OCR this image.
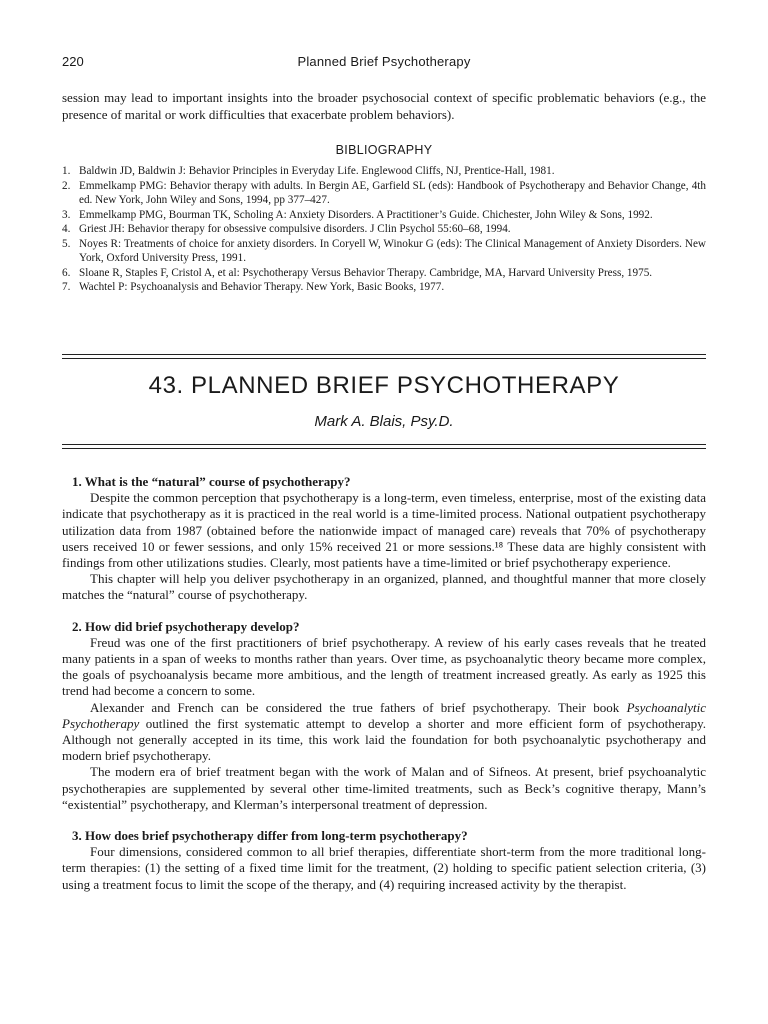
220	Planned Brief Psychotherapy

session may lead to important insights into the broader psychosocial context of specific problematic behaviors (e.g., the presence of marital or work difficulties that exacerbate problem behaviors).

BIBLIOGRAPHY
1. Baldwin JD, Baldwin J: Behavior Principles in Everyday Life. Englewood Cliffs, NJ, Prentice-Hall, 1981.
2. Emmelkamp PMG: Behavior therapy with adults. In Bergin AE, Garfield SL (eds): Handbook of Psychotherapy and Behavior Change, 4th ed. New York, John Wiley and Sons, 1994, pp 377–427.
3. Emmelkamp PMG, Bourman TK, Scholing A: Anxiety Disorders. A Practitioner’s Guide. Chichester, John Wiley & Sons, 1992.
4. Griest JH: Behavior therapy for obsessive compulsive disorders. J Clin Psychol 55:60–68, 1994.
5. Noyes R: Treatments of choice for anxiety disorders. In Coryell W, Winokur G (eds): The Clinical Management of Anxiety Disorders. New York, Oxford University Press, 1991.
6. Sloane R, Staples F, Cristol A, et al: Psychotherapy Versus Behavior Therapy. Cambridge, MA, Harvard University Press, 1975.
7. Wachtel P: Psychoanalysis and Behavior Therapy. New York, Basic Books, 1977.
43. PLANNED BRIEF PSYCHOTHERAPY
Mark A. Blais, Psy.D.

1. What is the “natural” course of psychotherapy?

Despite the common perception that psychotherapy is a long-term, even timeless, enterprise, most of the existing data indicate that psychotherapy as it is practiced in the real world is a time-limited process. National outpatient psychotherapy utilization data from 1987 (obtained before the nationwide impact of managed care) reveals that 70% of psychotherapy users received 10 or fewer sessions, and only 15% received 21 or more sessions.¹⁸ These data are highly consistent with findings from other utilizations studies. Clearly, most patients have a time-limited or brief psychotherapy experience.

This chapter will help you deliver psychotherapy in an organized, planned, and thoughtful manner that more closely matches the “natural” course of psychotherapy.

2. How did brief psychotherapy develop?

Freud was one of the first practitioners of brief psychotherapy. A review of his early cases reveals that he treated many patients in a span of weeks to months rather than years. Over time, as psychoanalytic theory became more complex, the goals of psychoanalysis became more ambitious, and the length of treatment increased greatly. As early as 1925 this trend had become a concern to some.

Alexander and French can be considered the true fathers of brief psychotherapy. Their book Psychoanalytic Psychotherapy outlined the first systematic attempt to develop a shorter and more efficient form of psychotherapy. Although not generally accepted in its time, this work laid the foundation for both psychoanalytic psychotherapy and modern brief psychotherapy.

The modern era of brief treatment began with the work of Malan and of Sifneos. At present, brief psychoanalytic psychotherapies are supplemented by several other time-limited treatments, such as Beck’s cognitive therapy, Mann’s “existential” psychotherapy, and Klerman’s interpersonal treatment of depression.

3. How does brief psychotherapy differ from long-term psychotherapy?

Four dimensions, considered common to all brief therapies, differentiate short-term from the more traditional long-term therapies: (1) the setting of a fixed time limit for the treatment, (2) holding to specific patient selection criteria, (3) using a treatment focus to limit the scope of the therapy, and (4) requiring increased activity by the therapist.
